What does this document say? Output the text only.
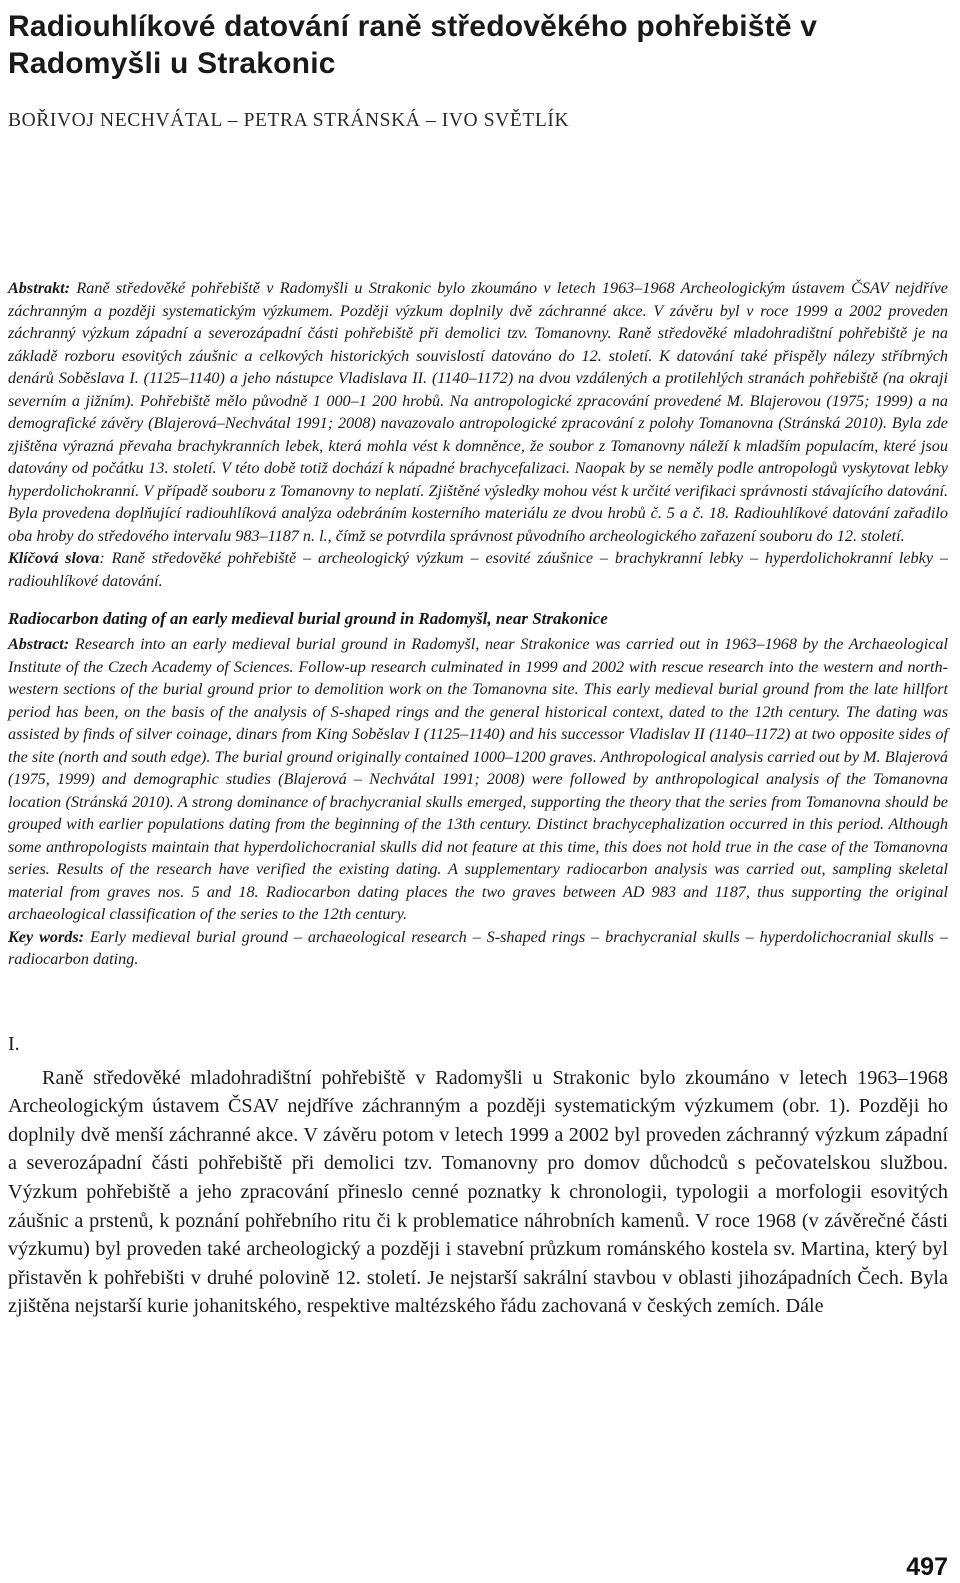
Radiouhlíkové datování raně středověkého pohřebiště v Radomyšli u Strakonic
BOŘIVOJ NECHVÁTAL – PETRA STRÁNSKÁ – IVO SVĚTLÍK

Abstrakt: Raně středověké pohřebiště v Radomyšli u Strakonic bylo zkoumáno v letech 1963–1968 Archeologickým ústavem ČSAV nejdříve záchranným a později systematickým výzkumem. Později výzkum doplnily dvě záchranné akce. V závěru byl v roce 1999 a 2002 proveden záchranný výzkum západní a severozápadní části pohřebiště při demolici tzv. Tomanovny. Raně středověké mladohradištní pohřebiště je na základě rozboru esovitých záušnic a celkových historických souvislostí datováno do 12. století. K datování také přispěly nálezy stříbrných denárů Soběslava I. (1125–1140) a jeho nástupce Vladislava II. (1140–1172) na dvou vzdálených a protilehlých stranách pohřebiště (na okraji severním a jižním). Pohřebiště mělo původně 1 000–1 200 hrobů. Na antropologické zpracování provedené M. Blajerovou (1975; 1999) a na demografické závěry (Blajerová–Nechvátal 1991; 2008) navazovalo antropologické zpracování z polohy Tomanovna (Stránská 2010). Byla zde zjištěna výrazná převaha brachykranních lebek, která mohla vést k domněnce, že soubor z Tomanovny náleží k mladším populacím, které jsou datovány od počátku 13. století. V této době totiž dochází k nápadné brachycefalizaci. Naopak by se neměly podle antropologů vyskytovat lebky hyperdolichokranní. V případě souboru z Tomanovny to neplatí. Zjištěné výsledky mohou vést k určité verifikaci správnosti stávajícího datování. Byla provedena doplňující radiouhlíková analýza odebráním kosterního materiálu ze dvou hrobů č. 5 a č. 18. Radiouhlíkové datování zařadilo oba hroby do středového intervalu 983–1187 n. l., čímž se potvrdila správnost původního archeologického zařazení souboru do 12. století.

Klíčová slova: Raně středověké pohřebiště – archeologický výzkum – esovité záušnice – brachykranní lebky – hyperdolichokranní lebky – radiouhlíkové datování.

Radiocarbon dating of an early medieval burial ground in Radomyšl, near Strakonice

Abstract: Research into an early medieval burial ground in Radomyšl, near Strakonice was carried out in 1963–1968 by the Archaeological Institute of the Czech Academy of Sciences. Follow-up research culminated in 1999 and 2002 with rescue research into the western and north-western sections of the burial ground prior to demolition work on the Tomanovna site. This early medieval burial ground from the late hillfort period has been, on the basis of the analysis of S-shaped rings and the general historical context, dated to the 12th century. The dating was assisted by finds of silver coinage, dinars from King Soběslav I (1125–1140) and his successor Vladislav II (1140–1172) at two opposite sides of the site (north and south edge). The burial ground originally contained 1000–1200 graves. Anthropological analysis carried out by M. Blajerová (1975, 1999) and demographic studies (Blajerová – Nechvátal 1991; 2008) were followed by anthropological analysis of the Tomanovna location (Stránská 2010). A strong dominance of brachycranial skulls emerged, supporting the theory that the series from Tomanovna should be grouped with earlier populations dating from the beginning of the 13th century. Distinct brachycephalization occurred in this period. Although some anthropologists maintain that hyperdolichocranial skulls did not feature at this time, this does not hold true in the case of the Tomanovna series. Results of the research have verified the existing dating. A supplementary radiocarbon analysis was carried out, sampling skeletal material from graves nos. 5 and 18. Radiocarbon dating places the two graves between AD 983 and 1187, thus supporting the original archaeological classification of the series to the 12th century.

Key words: Early medieval burial ground – archaeological research – S-shaped rings – brachycranial skulls – hyperdolichocranial skulls – radiocarbon dating.

I.

Raně středověké mladohradištní pohřebiště v Radomyšli u Strakonic bylo zkoumáno v letech 1963–1968 Archeologickým ústavem ČSAV nejdříve záchranným a později systematickým výzkumem (obr. 1). Později ho doplnily dvě menší záchranné akce. V závěru potom v letech 1999 a 2002 byl proveden záchranný výzkum západní a severozápadní části pohřebiště při demolici tzv. Tomanovny pro domov důchodců s pečovatelskou službou. Výzkum pohřebiště a jeho zpracování přineslo cenné poznatky k chronologii, typologii a morfologii esovitých záušnic a prstenů, k poznání pohřebního ritu či k problematice náhrobních kamenů. V roce 1968 (v závěrečné části výzkumu) byl proveden také archeologický a později i stavební průzkum románského kostela sv. Martina, který byl přistavěn k pohřebišti v druhé polovině 12. století. Je nejstarší sakrální stavbou v oblasti jihozápadních Čech. Byla zjištěna nejstarší kurie johanitského, respektive maltézského řádu zachovaná v českých zemích. Dále

497
